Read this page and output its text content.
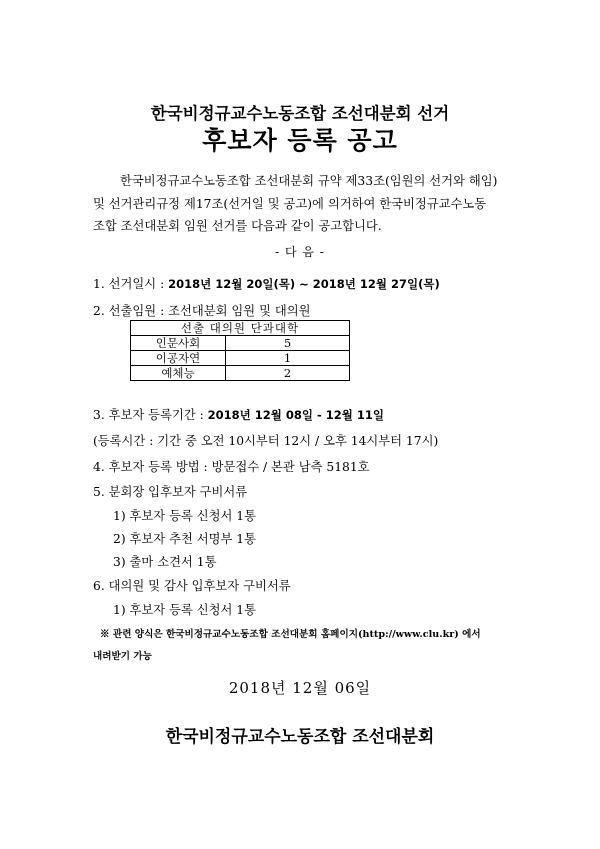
한국비정규교수노동조합 조선대분회 선거
후보자 등록 공고
한국비정규교수노동조합 조선대분회 규약 제33조(임원의 선거와 해임)
및 선거관리규정 제17조(선거일 및 공고)에 의거하여 한국비정규교수노동
조합 조선대분회 임원 선거를 다음과 같이 공고합니다.
- 다 음 -
1. 선거일시 : 2018년 12월 20일(목) ~ 2018년 12월 27일(목)
2. 선출임원 : 조선대분회 임원 및 대의원
선출 대의원 단과대학	
인문사회	5
이공자연	1
예체능	2
3. 후보자 등록기간 : 2018년 12월 08일 - 12월 11일
(등록시간 : 기간 중 오전 10시부터 12시 / 오후 14시부터 17시)
4. 후보자 등록 방법 : 방문접수 / 본관 남측 5181호
5. 분회장 입후보자 구비서류
1) 후보자 등록 신청서 1통
2) 후보자 추천 서명부 1통
3) 출마 소견서 1통
6. 대의원 및 감사 입후보자 구비서류
1) 후보자 등록 신청서 1통
※ 관련 양식은 한국비정규교수노동조합 조선대분회 홈페이지(http://www.clu.kr) 에서
내려받기 가능
2018년 12월 06일
한국비정규교수노동조합 조선대분회
